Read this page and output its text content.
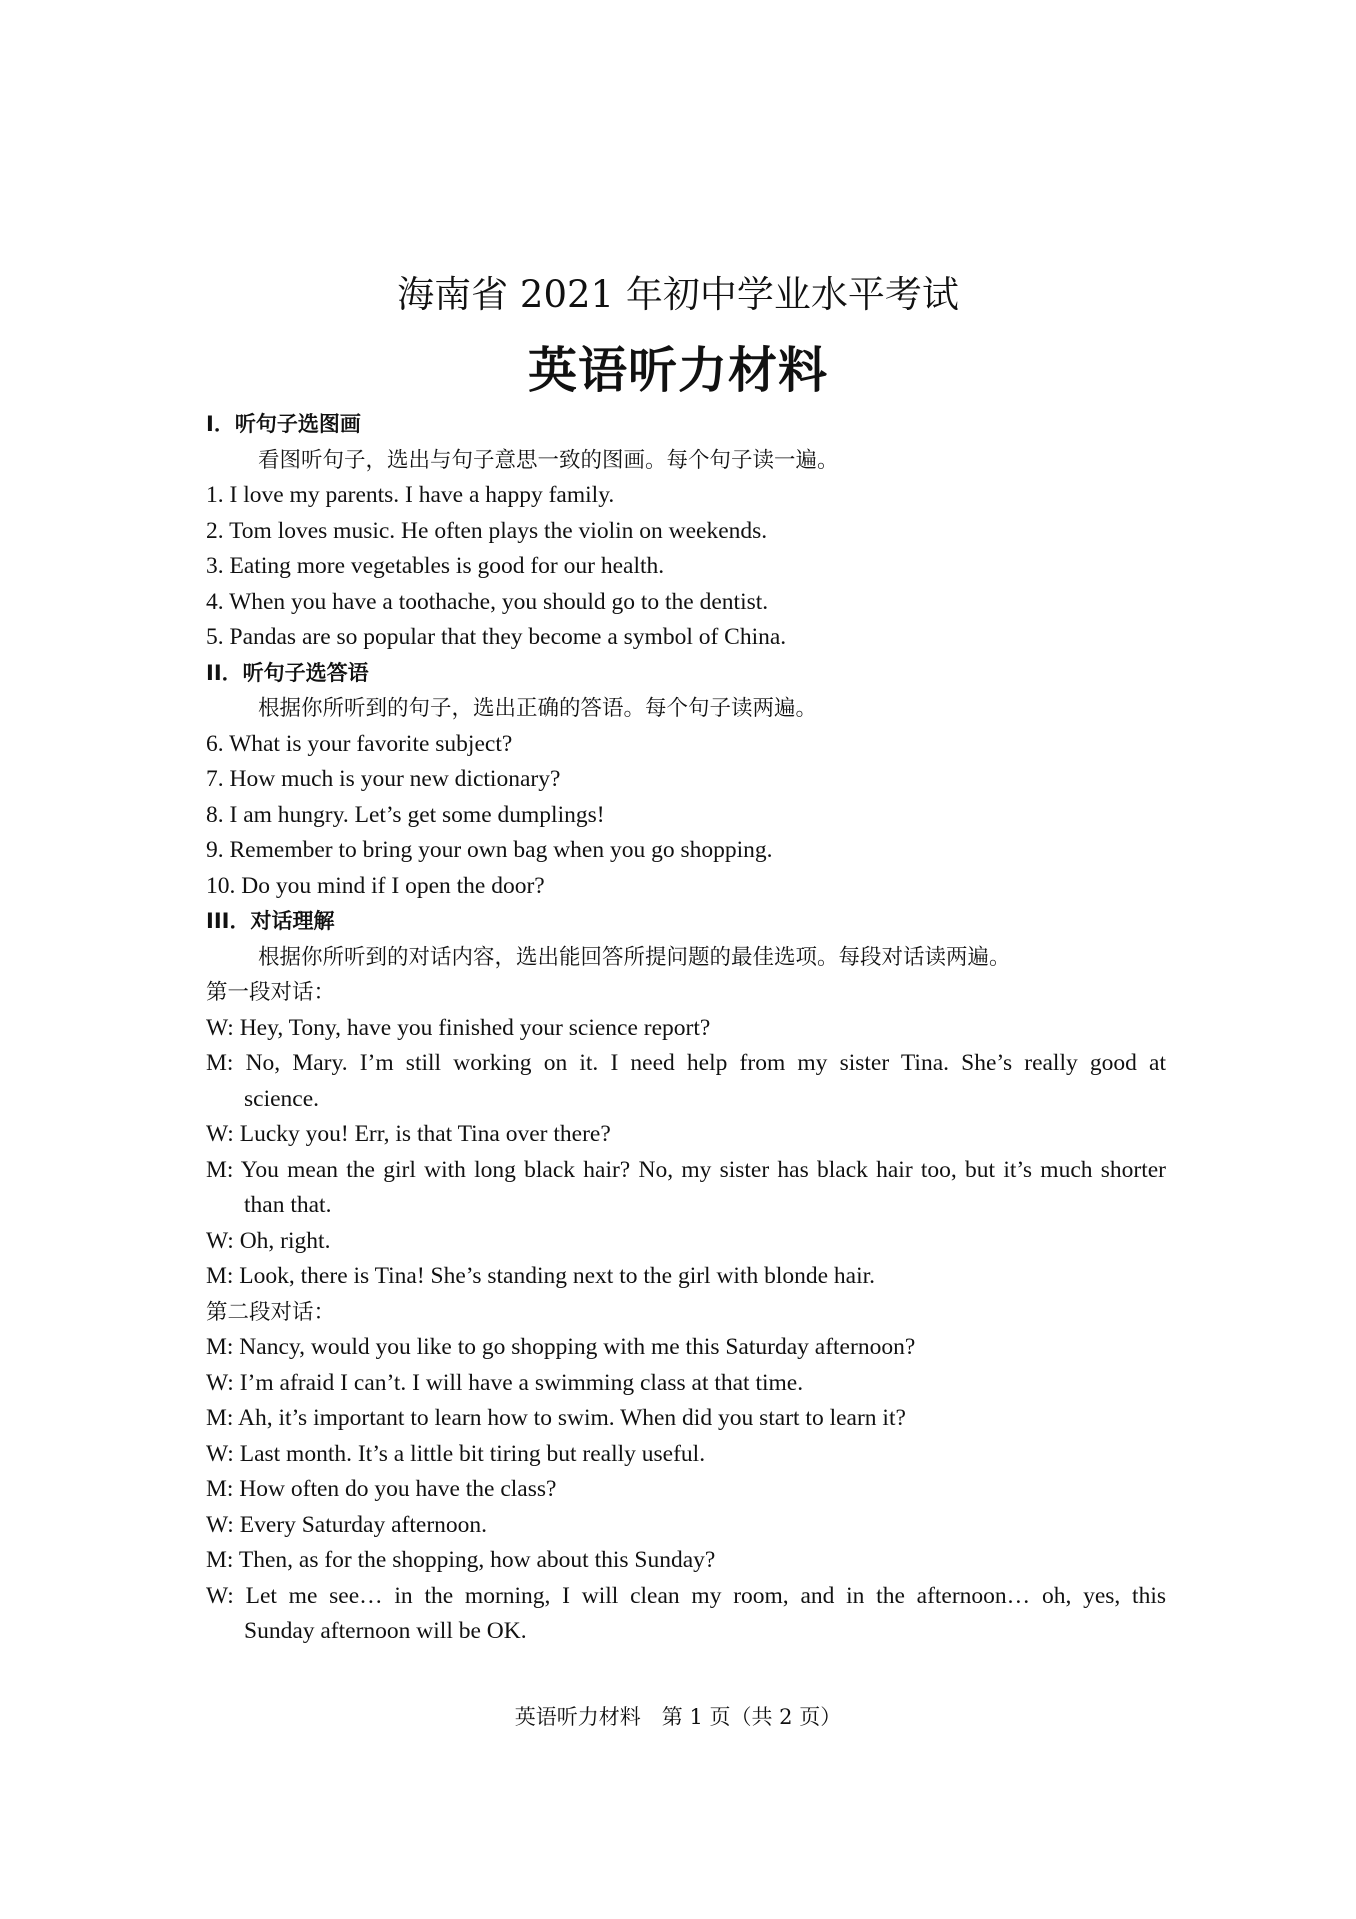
海南省 2021 年初中学业水平考试
英语听力材料
I．听句子选图画
看图听句子，选出与句子意思一致的图画。每个句子读一遍。
1. I love my parents. I have a happy family.
2. Tom loves music. He often plays the violin on weekends.
3. Eating more vegetables is good for our health.
4. When you have a toothache, you should go to the dentist.
5. Pandas are so popular that they become a symbol of China.
II．听句子选答语
根据你所听到的句子，选出正确的答语。每个句子读两遍。
6. What is your favorite subject?
7. How much is your new dictionary?
8. I am hungry. Let’s get some dumplings!
9. Remember to bring your own bag when you go shopping.
10. Do you mind if I open the door?
III．对话理解
根据你所听到的对话内容，选出能回答所提问题的最佳选项。每段对话读两遍。
第一段对话：
W: Hey, Tony, have you finished your science report?
M: No, Mary. I’m still working on it. I need help from my sister Tina. She’s really good at
science.
W: Lucky you! Err, is that Tina over there?
M: You mean the girl with long black hair? No, my sister has black hair too, but it’s much shorter
than that.
W: Oh, right.
M: Look, there is Tina! She’s standing next to the girl with blonde hair.
第二段对话：
M: Nancy, would you like to go shopping with me this Saturday afternoon?
W: I’m afraid I can’t. I will have a swimming class at that time.
M: Ah, it’s important to learn how to swim. When did you start to learn it?
W: Last month. It’s a little bit tiring but really useful.
M: How often do you have the class?
W: Every Saturday afternoon.
M: Then, as for the shopping, how about this Sunday?
W: Let me see… in the morning, I will clean my room, and in the afternoon… oh, yes, this
Sunday afternoon will be OK.
英语听力材料　第 1 页（共 2 页）
